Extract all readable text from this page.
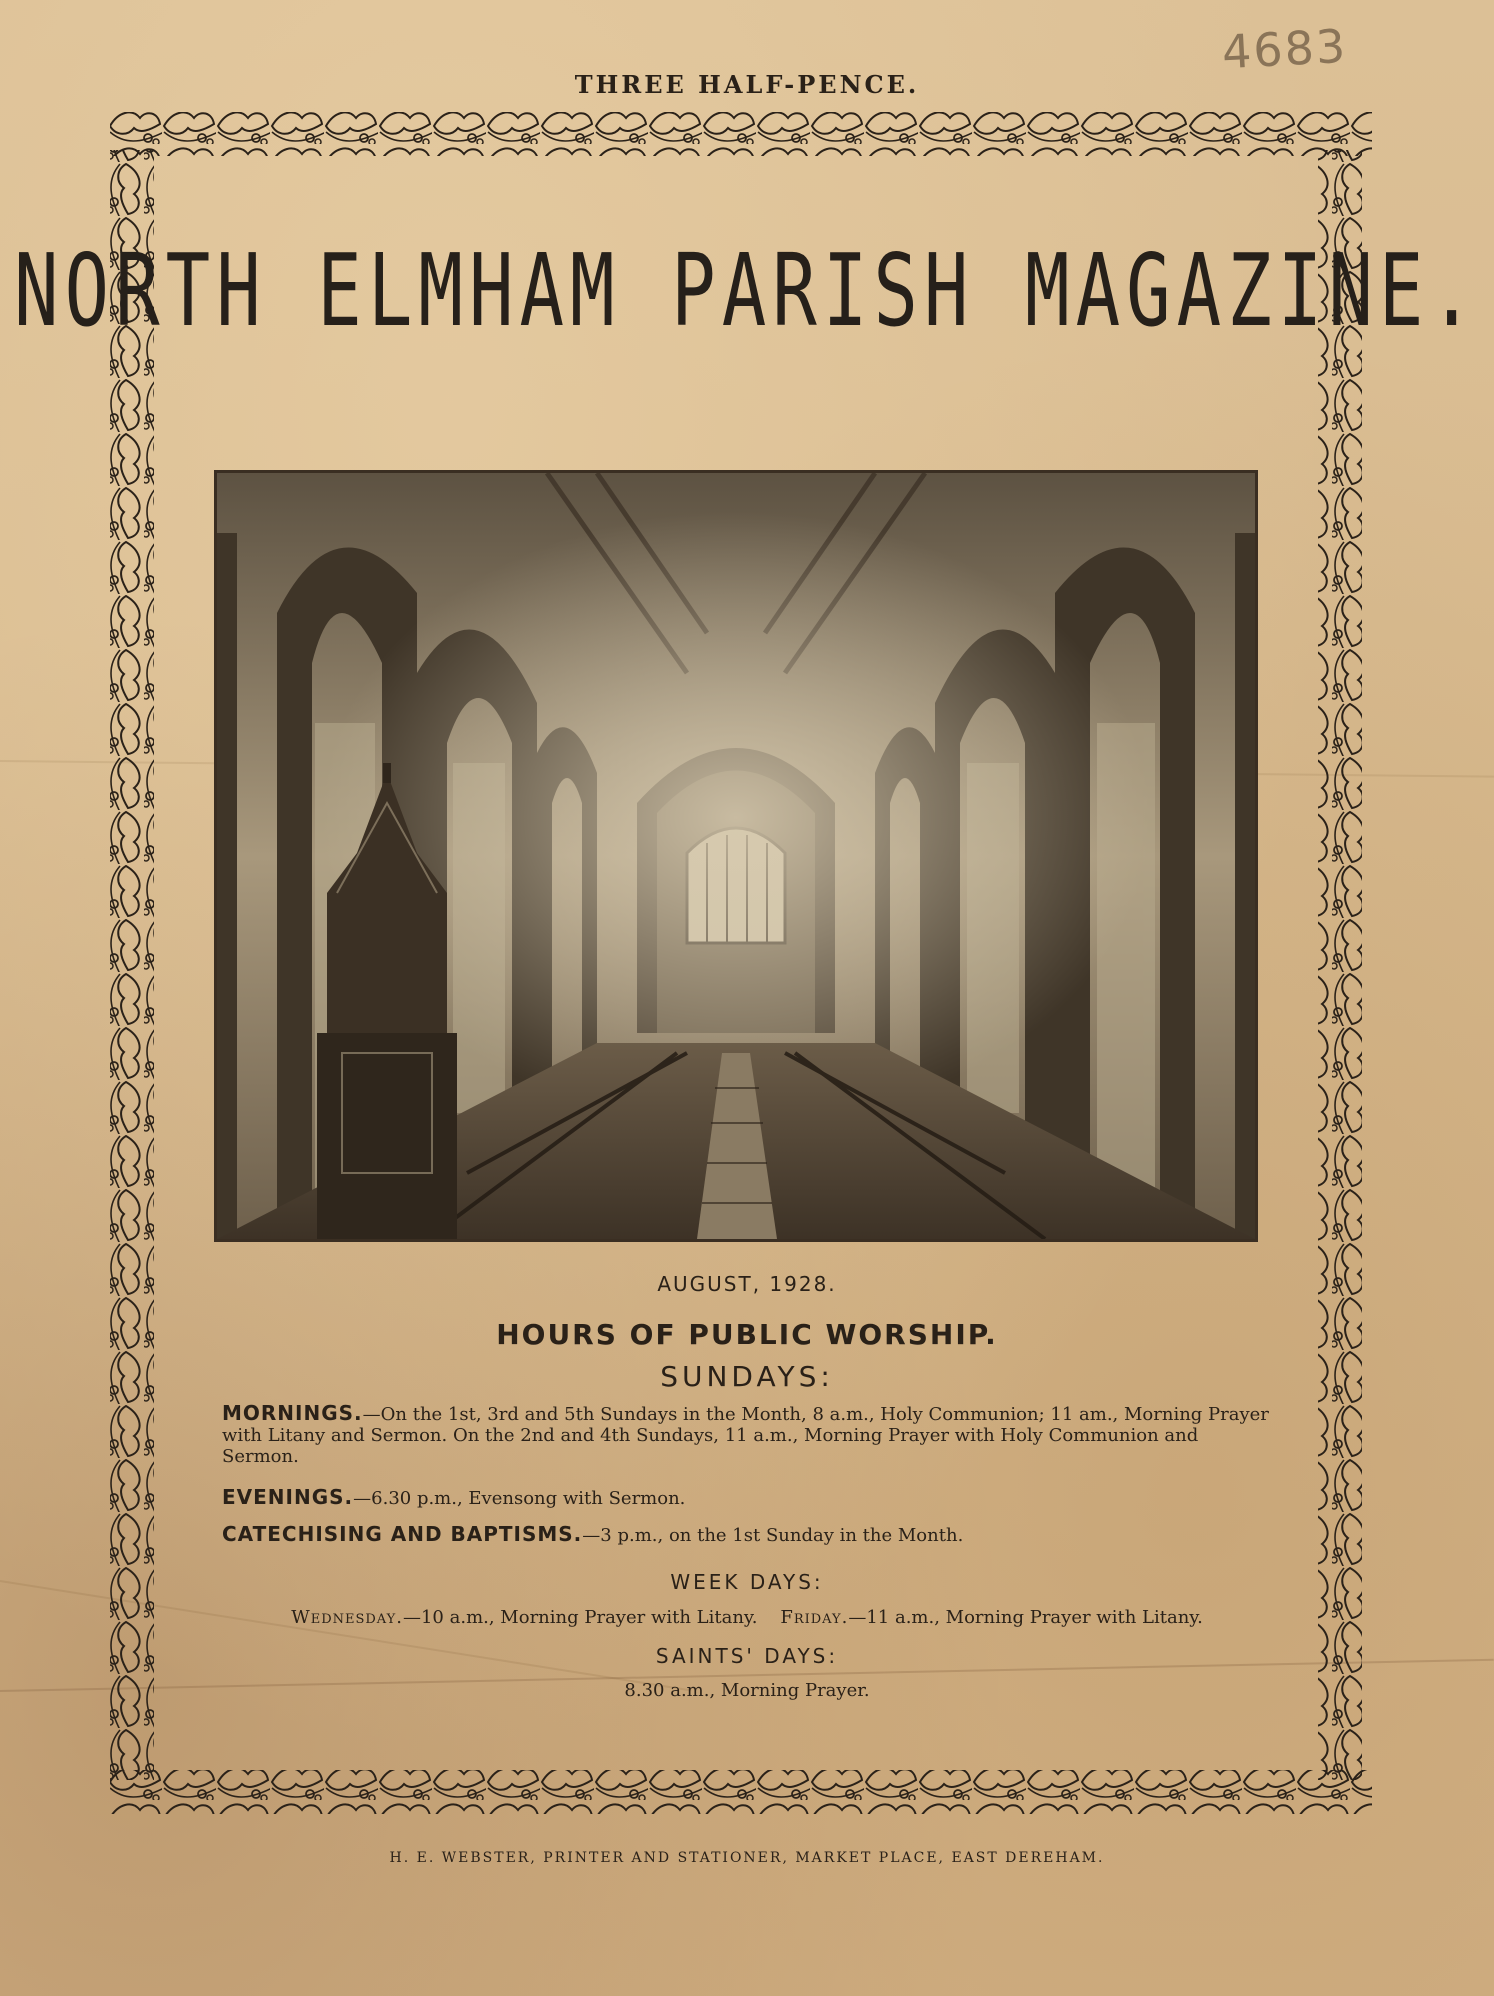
4683
THREE HALF-PENCE.
NORTH ELMHAM PARISH MAGAZINE.
AUGUST, 1928.
HOURS OF PUBLIC WORSHIP.
SUNDAYS:
MORNINGS.—On the 1st, 3rd and 5th Sundays in the Month, 8 a.m., Holy Communion; 11 am., Morning Prayer with Litany and Sermon. On the 2nd and 4th Sundays, 11 a.m., Morning Prayer with Holy Communion and Sermon.
EVENINGS.—6.30 p.m., Evensong with Sermon.
CATECHISING AND BAPTISMS.—3 p.m., on the 1st Sunday in the Month.
WEEK DAYS:
Wednesday.—10 a.m., Morning Prayer with Litany. Friday.—11 a.m., Morning Prayer with Litany.
SAINTS' DAYS:
8.30 a.m., Morning Prayer.
H. E. WEBSTER, PRINTER AND STATIONER, MARKET PLACE, EAST DEREHAM.
